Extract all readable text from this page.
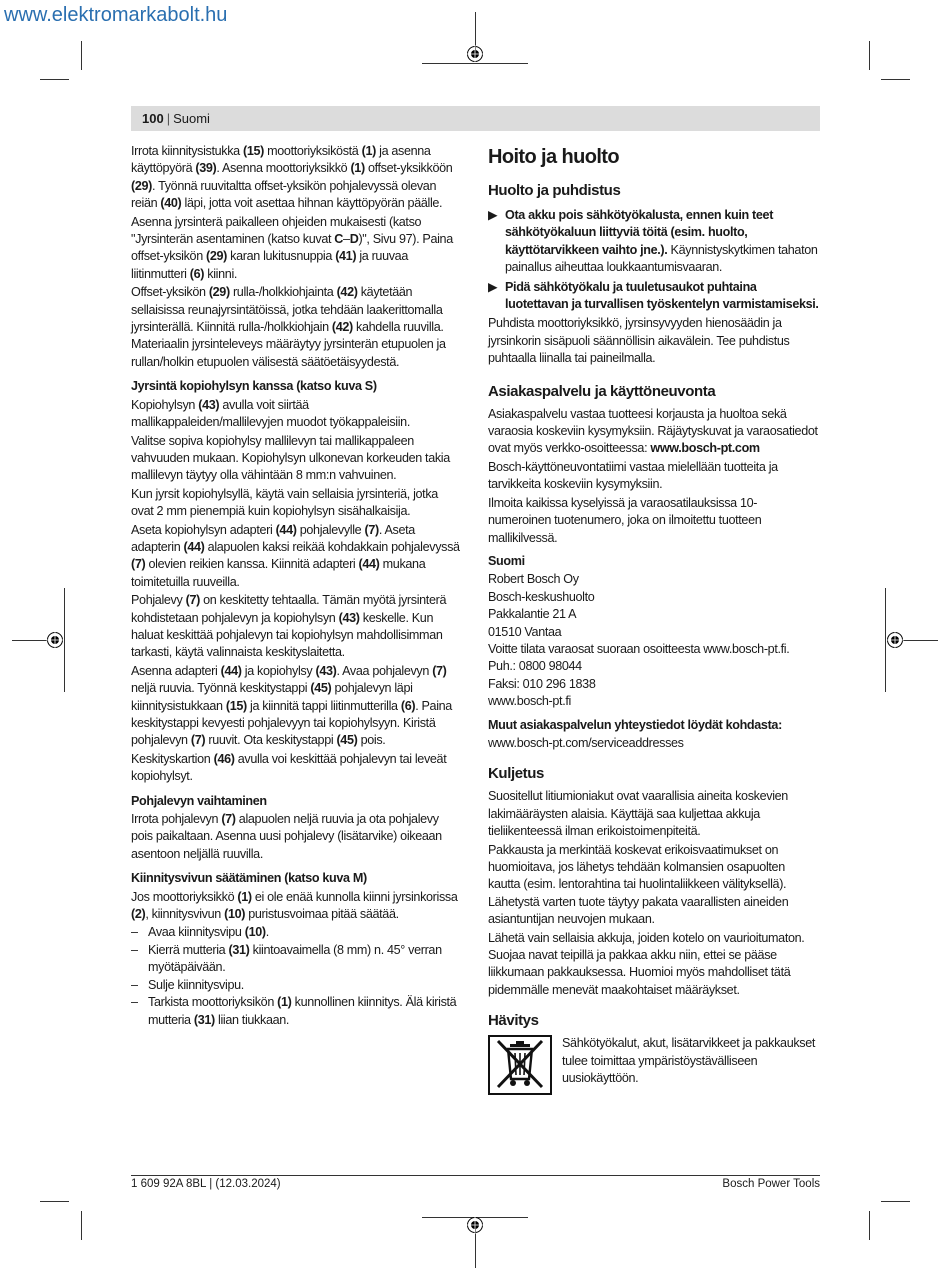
www.elektromarkabolt.hu
100 | Suomi

Irrota kiinnitysistukka (15) moottoriyksiköstä (1) ja asenna käyttöpyörä (39). Asenna moottoriyksikkö (1) offset-yksikköön (29). Työnnä ruuvitaltta offset-yksikön pohjalevyssä olevan reiän (40) läpi, jotta voit asettaa hihnan käyttöpyörän päälle.

Asenna jyrsinterä paikalleen ohjeiden mukaisesti (katso "Jyrsinterän asentaminen (katso kuvat C–D)", Sivu 97). Paina offset-yksikön (29) karan lukitusnuppia (41) ja ruuvaa liitinmutteri (6) kiinni.

Offset-yksikön (29) rulla-/holkkiohjainta (42) käytetään sellaisissa reunajyrsintätöissä, jotka tehdään laakerittomalla jyrsinterällä. Kiinnitä rulla-/holkkiohjain (42) kahdella ruuvilla. Materiaalin jyrsinteleveys määräytyy jyrsinterän etupuolen ja rullan/holkin etupuolen välisestä säätöetäisyydestä.

Jyrsintä kopiohylsyn kanssa (katso kuva S)

Kopiohylsyn (43) avulla voit siirtää mallikappaleiden/mallilevyjen muodot työkappaleisiin.

Valitse sopiva kopiohylsy mallilevyn tai mallikappaleen vahvuuden mukaan. Kopiohylsyn ulkonevan korkeuden takia mallilevyn täytyy olla vähintään 8 mm:n vahvuinen.

Kun jyrsit kopiohylsyllä, käytä vain sellaisia jyrsinteriä, jotka ovat 2 mm pienempiä kuin kopiohylsyn sisähalkaisija.

Aseta kopiohylsyn adapteri (44) pohjalevylle (7). Aseta adapterin (44) alapuolen kaksi reikää kohdakkain pohjalevyssä (7) olevien reikien kanssa. Kiinnitä adapteri (44) mukana toimitetuilla ruuveilla.

Pohjalevy (7) on keskitetty tehtaalla. Tämän myötä jyrsinterä kohdistetaan pohjalevyn ja kopiohylsyn (43) keskelle. Kun haluat keskittää pohjalevyn tai kopiohylsyn mahdollisimman tarkasti, käytä valinnaista keskityslaitetta.

Asenna adapteri (44) ja kopiohylsy (43). Avaa pohjalevyn (7) neljä ruuvia. Työnnä keskitystappi (45) pohjalevyn läpi kiinnitysistukkaan (15) ja kiinnitä tappi liitinmutterilla (6). Paina keskitystappi kevyesti pohjalevyyn tai kopiohylsyyn. Kiristä pohjalevyn (7) ruuvit. Ota keskitystappi (45) pois.

Keskityskartion (46) avulla voi keskittää pohjalevyn tai leveät kopiohylsyt.

Pohjalevyn vaihtaminen

Irrota pohjalevyn (7) alapuolen neljä ruuvia ja ota pohjalevy pois paikaltaan. Asenna uusi pohjalevy (lisätarvike) oikeaan asentoon neljällä ruuvilla.

Kiinnitysvivun säätäminen (katso kuva M)

Jos moottoriyksikkö (1) ei ole enää kunnolla kiinni jyrsinkorissa (2), kiinnitysvivun (10) puristusvoimaa pitää säätää.

– Avaa kiinnitysvipu (10).
– Kierrä mutteria (31) kiintoavaimella (8 mm) n. 45° verran myötäpäivään.
– Sulje kiinnitysvipu.
– Tarkista moottoriyksikön (1) kunnollinen kiinnitys. Älä kiristä mutteria (31) liian tiukkaan.
Hoito ja huolto
Huolto ja puhdistus
▶ Ota akku pois sähkötyökalusta, ennen kuin teet sähkötyökaluun liittyviä töitä (esim. huolto, käyttötarvikkeen vaihto jne.). Käynnistyskytkimen tahaton painallus aiheuttaa loukkaantumisvaaran.
▶ Pidä sähkötyökalu ja tuuletusaukot puhtaina luotettavan ja turvallisen työskentelyn varmistamiseksi.

Puhdista moottoriyksikkö, jyrsinsyvyyden hienosäädin ja jyrsinkorin sisäpuoli säännöllisin aikavälein. Tee puhdistus puhtaalla liinalla tai paineilmalla.

Asiakaspalvelu ja käyttöneuvonta

Asiakaspalvelu vastaa tuotteesi korjausta ja huoltoa sekä varaosia koskeviin kysymyksiin. Räjäytyskuvat ja varaosatiedot ovat myös verkko-osoitteessa: www.bosch-pt.com

Bosch-käyttöneuvontatiimi vastaa mielellään tuotteita ja tarvikkeita koskeviin kysymyksiin.

Ilmoita kaikissa kyselyissä ja varaosatilauksissa 10-numeroinen tuotenumero, joka on ilmoitettu tuotteen mallikilvessä.

Suomi

Robert Bosch Oy
Bosch-keskushuolto
Pakkalantie 21 A
01510 Vantaa
Voitte tilata varaosat suoraan osoitteesta www.bosch-pt.fi.
Puh.: 0800 98044
Faksi: 010 296 1838
www.bosch-pt.fi

Muut asiakaspalvelun yhteystiedot löydät kohdasta:

www.bosch-pt.com/serviceaddresses

Kuljetus

Suositellut litiumioniakut ovat vaarallisia aineita koskevien lakimääräysten alaisia. Käyttäjä saa kuljettaa akkuja tieliikenteessä ilman erikoistoimenpiteitä.

Pakkausta ja merkintää koskevat erikoisvaatimukset on huomioitava, jos lähetys tehdään kolmansien osapuolten kautta (esim. lentorahtina tai huolintaliikkeen välityksellä). Lähetystä varten tuote täytyy pakata vaarallisten aineiden asiantuntijan neuvojen mukaan.

Lähetä vain sellaisia akkuja, joiden kotelo on vaurioitumaton. Suojaa navat teipillä ja pakkaa akku niin, ettei se pääse liikkumaan pakkauksessa. Huomioi myös mahdolliset tätä pidemmälle menevät maakohtaiset määräykset.

Hävitys
Sähkötyökalut, akut, lisätarvikkeet ja pakkaukset tulee toimittaa ympäristöystävälliseen uusiokäyttöön.
1 609 92A 8BL | (12.03.2024)	Bosch Power Tools
